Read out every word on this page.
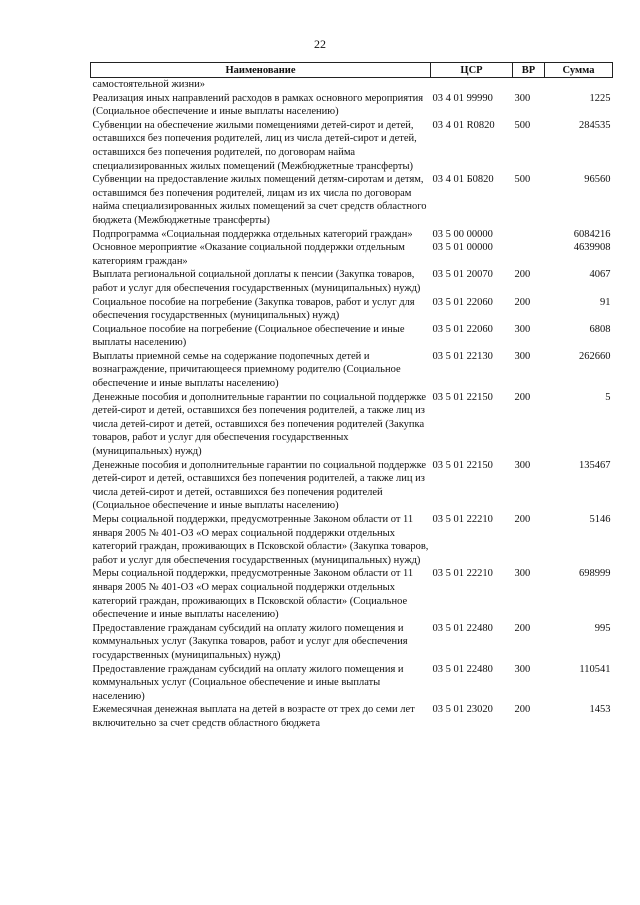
22
Наименование	ЦСР	ВР	Сумма
самостоятельной жизни»			
Реализация иных направлений расходов в рамках основного мероприятия (Социальное обеспечение и иные выплаты населению)	03 4 01 99990	300	1225
Субвенции на обеспечение жилыми помещениями детей-сирот и детей, оставшихся без попечения родителей, лиц из числа детей-сирот и детей, оставшихся без попечения родителей, по договорам найма специализированных жилых помещений (Межбюджетные трансферты)	03 4 01 R0820	500	284535
Субвенции на предоставление жилых помещений детям-сиротам и детям, оставшимся без попечения родителей, лицам из их числа по договорам найма специализированных жилых помещений за счет средств областного бюджета (Межбюджетные трансферты)	03 4 01 Б0820	500	96560
Подпрограмма «Социальная поддержка отдельных категорий граждан»	03 5 00 00000		6084216
Основное мероприятие «Оказание социальной поддержки отдельным категориям граждан»	03 5 01 00000		4639908
Выплата региональной социальной доплаты к пенсии (Закупка товаров, работ и услуг для обеспечения государственных (муниципальных) нужд)	03 5 01 20070	200	4067
Социальное пособие на погребение (Закупка товаров, работ и услуг для обеспечения государственных (муниципальных) нужд)	03 5 01 22060	200	91
Социальное пособие на погребение (Социальное обеспечение и иные выплаты населению)	03 5 01 22060	300	6808
Выплаты приемной семье на содержание подопечных детей и вознаграждение, причитающееся приемному родителю (Социальное обеспечение и иные выплаты населению)	03 5 01 22130	300	262660
Денежные пособия и дополнительные гарантии по социальной поддержке детей-сирот и детей, оставшихся без попечения родителей, а также лиц из числа детей-сирот и детей, оставшихся без попечения родителей (Закупка товаров, работ и услуг для обеспечения государственных (муниципальных) нужд)	03 5 01 22150	200	5
Денежные пособия и дополнительные гарантии по социальной поддержке детей-сирот и детей, оставшихся без попечения родителей, а также лиц из числа детей-сирот и детей, оставшихся без попечения родителей (Социальное обеспечение и иные выплаты населению)	03 5 01 22150	300	135467
Меры социальной поддержки, предусмотренные Законом области от 11 января 2005 № 401-ОЗ «О мерах социальной поддержки отдельных категорий граждан, проживающих в Псковской области» (Закупка товаров, работ и услуг для обеспечения государственных (муниципальных) нужд)	03 5 01 22210	200	5146
Меры социальной поддержки, предусмотренные Законом области от 11 января 2005 № 401-ОЗ «О мерах социальной поддержки отдельных категорий граждан, проживающих в Псковской области» (Социальное обеспечение и иные выплаты населению)	03 5 01 22210	300	698999
Предоставление гражданам субсидий на оплату жилого помещения и коммунальных услуг (Закупка товаров, работ и услуг для обеспечения государственных (муниципальных) нужд)	03 5 01 22480	200	995
Предоставление гражданам субсидий на оплату жилого помещения и коммунальных услуг (Социальное обеспечение и иные выплаты населению)	03 5 01 22480	300	110541
Ежемесячная денежная выплата на детей в возрасте от трех до семи лет включительно за счет средств областного бюджета	03 5 01 23020	200	1453
